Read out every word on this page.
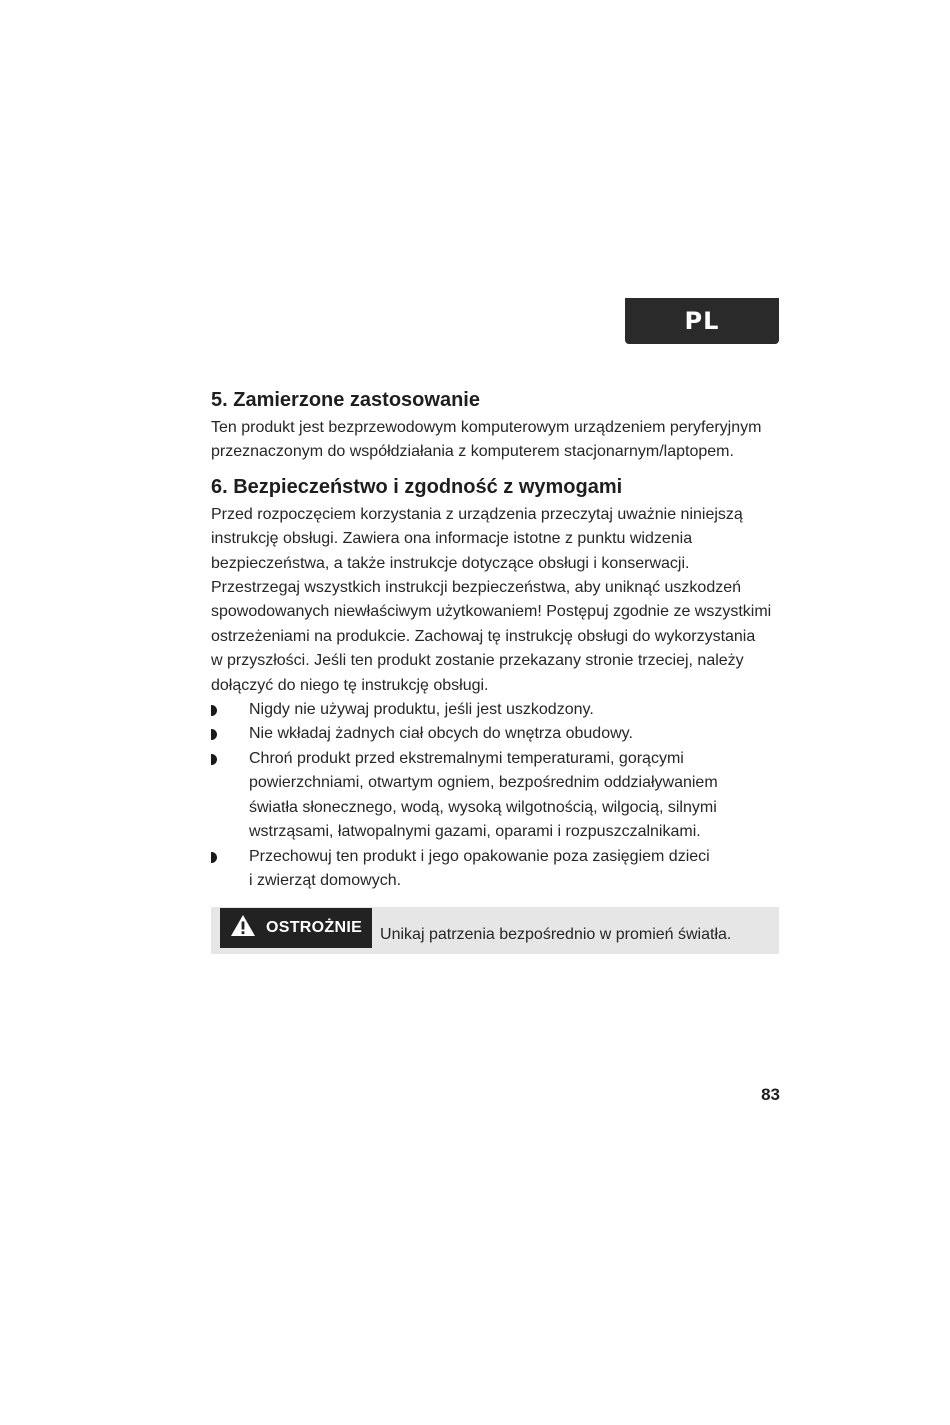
PL
5. Zamierzone zastosowanie

Ten produkt jest bezprzewodowym komputerowym urządzeniem peryferyjnym
przeznaczonym do współdziałania z komputerem stacjonarnym/laptopem.

6. Bezpieczeństwo i zgodność z wymogami

Przed rozpoczęciem korzystania z urządzenia przeczytaj uważnie niniejszą
instrukcję obsługi. Zawiera ona informacje istotne z punktu widzenia
bezpieczeństwa, a także instrukcje dotyczące obsługi i konserwacji.
Przestrzegaj wszystkich instrukcji bezpieczeństwa, aby uniknąć uszkodzeń
spowodowanych niewłaściwym użytkowaniem! Postępuj zgodnie ze wszystkimi
ostrzeżeniami na produkcie. Zachowaj tę instrukcję obsługi do wykorzystania
w przyszłości. Jeśli ten produkt zostanie przekazany stronie trzeciej, należy
dołączyć do niego tę instrukcję obsługi.

Nigdy nie używaj produktu, jeśli jest uszkodzony.
Nie wkładaj żadnych ciał obcych do wnętrza obudowy.
Chroń produkt przed ekstremalnymi temperaturami, gorącymi
powierzchniami, otwartym ogniem, bezpośrednim oddziaływaniem
światła słonecznego, wodą, wysoką wilgotnością, wilgocią, silnymi
wstrząsami, łatwopalnymi gazami, oparami i rozpuszczalnikami.
Przechowuj ten produkt i jego opakowanie poza zasięgiem dzieci
i zwierząt domowych.
OSTROŻNIE	Unikaj patrzenia bezpośrednio w promień światła.
83
